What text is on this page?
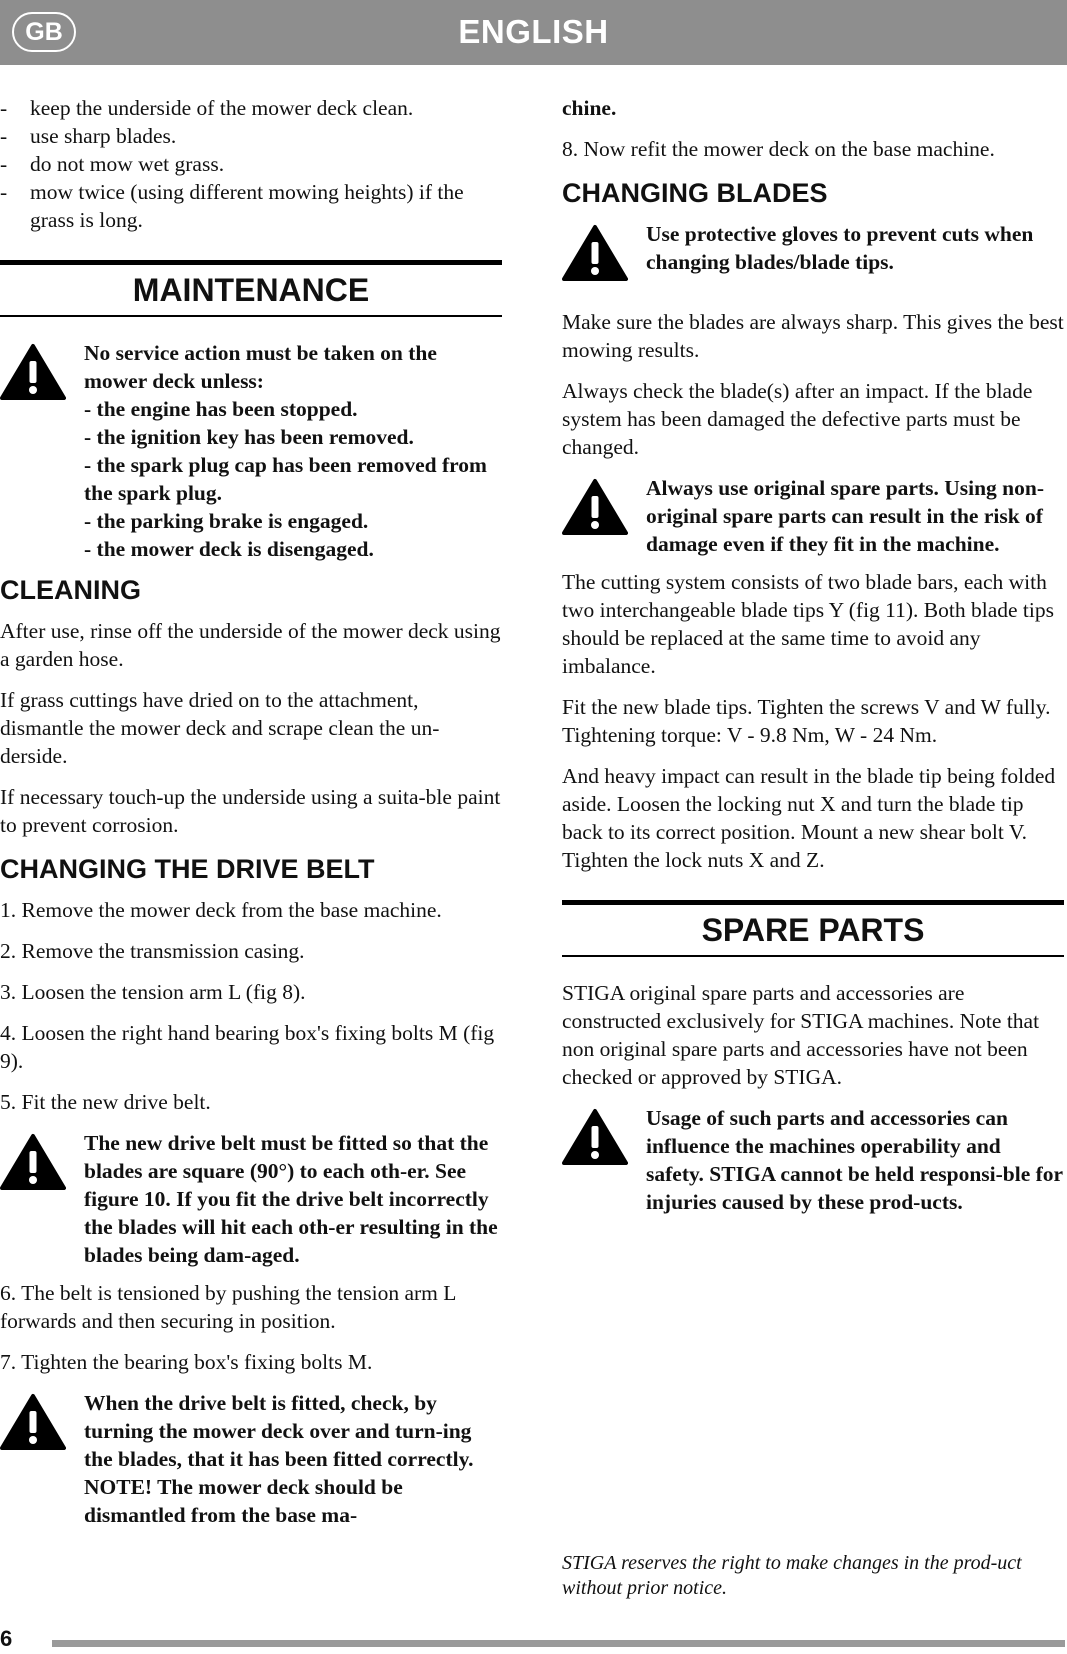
GB	ENGLISH
- keep the underside of the mower deck clean.
- use sharp blades.
- do not mow wet grass.
- mow twice (using different mowing heights) if the grass is long.
MAINTENANCE
No service action must be taken on the mower deck unless:
- the engine has been stopped.
- the ignition key has been removed.
- the spark plug cap has been removed from the spark plug.
- the parking brake is engaged.
- the mower deck is disengaged.
CLEANING

After use, rinse off the underside of the mower deck using a garden hose.

If grass cuttings have dried on to the attachment, dismantle the mower deck and scrape clean the un-derside.

If necessary touch-up the underside using a suita-ble paint to prevent corrosion.

CHANGING THE DRIVE BELT

1. Remove the mower deck from the base machine.

2. Remove the transmission casing.

3. Loosen the tension arm L (fig 8).

4. Loosen the right hand bearing box's fixing bolts M (fig 9).

5. Fit the new drive belt.

The new drive belt must be fitted so that the blades are square (90°) to each oth-er. See figure 10. If you fit the drive belt incorrectly the blades will hit each oth-er resulting in the blades being dam-aged.

6. The belt is tensioned by pushing the tension arm L forwards and then securing in position.

7. Tighten the bearing box's fixing bolts M.

When the drive belt is fitted, check, by turning the mower deck over and turn-ing the blades, that it has been fitted correctly. NOTE! The mower deck should be dismantled from the base ma-

chine.

8. Now refit the mower deck on the base machine.

CHANGING BLADES
Use protective gloves to prevent cuts when changing blades/blade tips.

Make sure the blades are always sharp. This gives the best mowing results.

Always check the blade(s) after an impact. If the blade system has been damaged the defective parts must be changed.

Always use original spare parts. Using non-original spare parts can result in the risk of damage even if they fit in the machine.

The cutting system consists of two blade bars, each with two interchangeable blade tips Y (fig 11). Both blade tips should be replaced at the same time to avoid any imbalance.

Fit the new blade tips. Tighten the screws V and W fully. Tightening torque: V - 9.8 Nm, W - 24 Nm.

And heavy impact can result in the blade tip being folded aside. Loosen the locking nut X and turn the blade tip back to its correct position. Mount a new shear bolt V. Tighten the lock nuts X and Z.

SPARE PARTS

STIGA original spare parts and accessories are constructed exclusively for STIGA machines. Note that non original spare parts and accessories have not been checked or approved by STIGA.

Usage of such parts and accessories can influence the machines operability and safety. STIGA cannot be held responsi-ble for injuries caused by these prod-ucts.
STIGA reserves the right to make changes in the prod-uct without prior notice.
6
